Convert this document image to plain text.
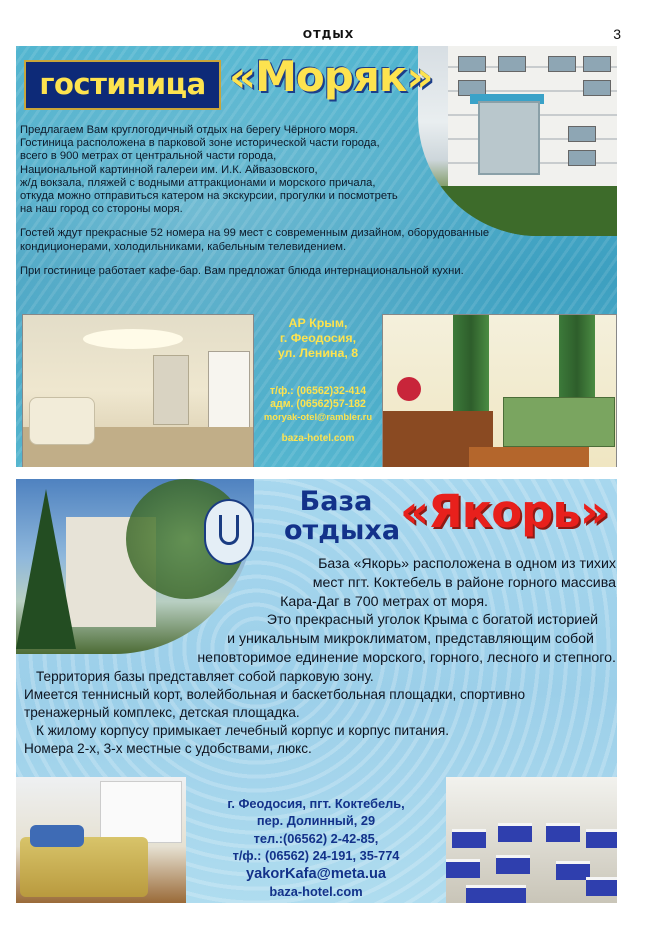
ОТДЫХ	3
гостиница «Моряк»

Предлагаем Вам круглогодичный отдых на берегу Чёрного моря.
Гостиница расположена в парковой зоне исторической части города,
всего в 900 метрах от центральной части города,
Национальной картинной галереи им. И.К. Айвазовского,
ж/д вокзала, пляжей с водными аттракционами и морского причала,
откуда можно отправиться катером на экскурсии, прогулки и посмотреть
на наш город со стороны моря.

Гостей ждут прекрасные 52 номера на 99 мест с современным дизайном, оборудованные
кондиционерами, холодильниками, кабельным телевидением.

При гостинице работает кафе-бар. Вам предложат блюда интернациональной кухни.

АР Крым,
г. Феодосия,
ул. Ленина, 8
т/ф.: (06562)32-414
адм. (06562)57-182
moryak-otel@rambler.ru
baza-hotel.com
База
отдыха «Якорь»
База «Якорь» расположена в одном из тихих
мест пгт. Коктебель в районе горного массива
Кара-Даг в 700 метрах от моря.
Это прекрасный уголок Крыма с богатой историей
и уникальным микроклиматом, представляющим собой
неповторимое единение морского, горного, лесного и степного.
Территория базы представляет собой парковую зону.
Имеется теннисный корт, волейбольная и баскетбольная площадки, спортивно
тренажерный комплекс, детская площадка.
К жилому корпусу примыкает лечебный корпус и корпус питания.
Номера 2-х, 3-х местные с удобствами, люкс.
г. Феодосия, пгт. Коктебель,
пер. Долинный, 29
тел.:(06562) 2-42-85,
т/ф.: (06562) 24-191, 35-774
yakorKafa@meta.ua
baza-hotel.com
